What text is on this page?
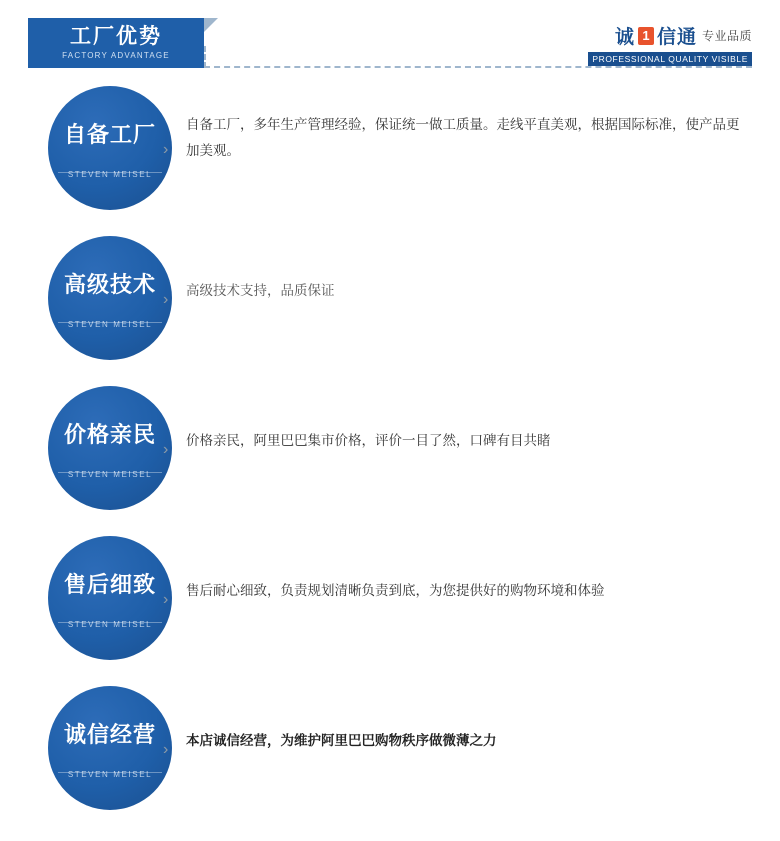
工厂优势
FACTORY ADVANTAGE
诚 1 信通 专业品质
PROFESSIONAL QUALITY VISIBLE
自备工厂
STEVEN MEISEL
›
自备工厂，多年生产管理经验，保证统一做工质量。走线平直美观，根据国际标准，使产品更加美观。
高级技术
STEVEN MEISEL
›
高级技术支持，品质保证
价格亲民
STEVEN MEISEL
›
价格亲民，阿里巴巴集市价格，评价一目了然，口碑有目共睹
售后细致
STEVEN MEISEL
›
售后耐心细致，负责规划清晰负责到底，为您提供好的购物环境和体验
诚信经营
STEVEN MEISEL
›
本店诚信经营，为维护阿里巴巴购物秩序做微薄之力
